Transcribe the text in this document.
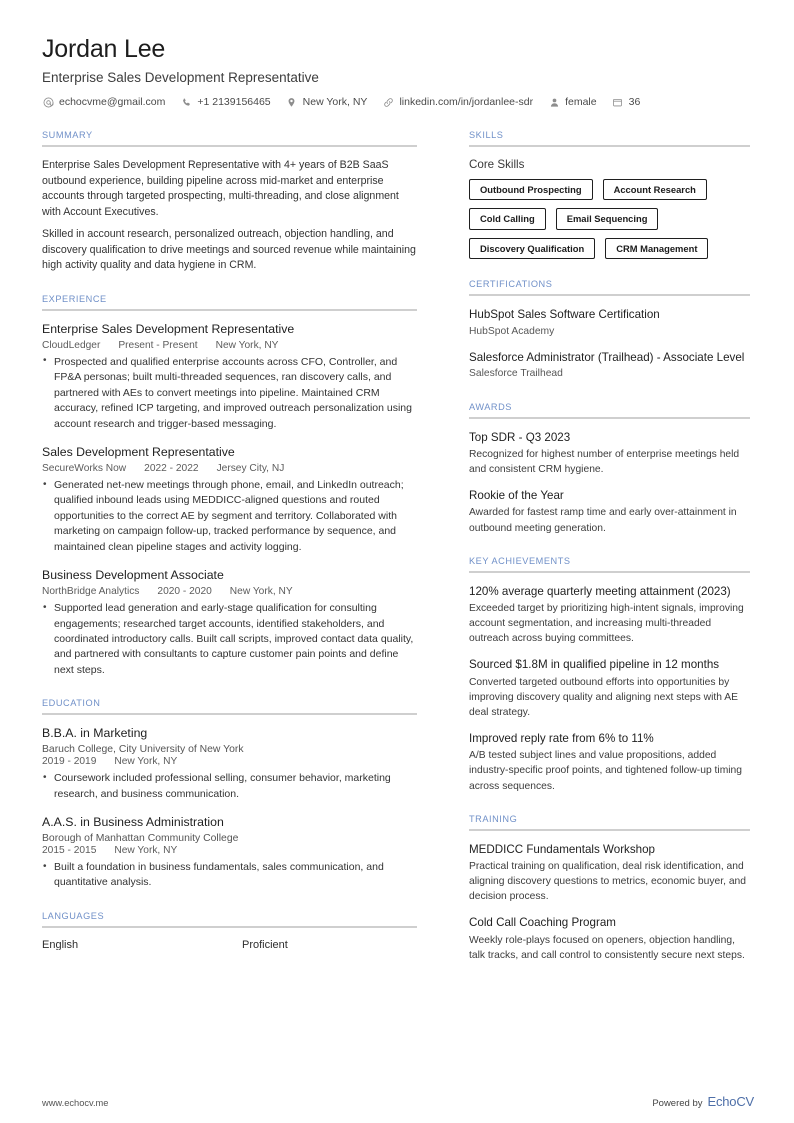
Jordan Lee
Enterprise Sales Development Representative
echocvme@gmail.com	+1 2139156465	New York, NY	linkedin.com/in/jordanlee-sdr	female	36
SUMMARY

Enterprise Sales Development Representative with 4+ years of B2B SaaS outbound experience, building pipeline across mid-market and enterprise accounts through targeted prospecting, multi-threading, and close alignment with Account Executives.

Skilled in account research, personalized outreach, objection handling, and discovery qualification to drive meetings and sourced revenue while maintaining high activity quality and data hygiene in CRM.

EXPERIENCE
Enterprise Sales Development Representative
CloudLedger Present - Present New York, NY
• Prospected and qualified enterprise accounts across CFO, Controller, and FP&A personas; built multi-threaded sequences, ran discovery calls, and partnered with AEs to convert meetings into pipeline. Maintained CRM accuracy, refined ICP targeting, and improved outreach personalization using account research and trigger-based messaging.
Sales Development Representative
SecureWorks Now 2022 - 2022 Jersey City, NJ
• Generated net-new meetings through phone, email, and LinkedIn outreach; qualified inbound leads using MEDDICC-aligned questions and routed opportunities to the correct AE by segment and territory. Collaborated with marketing on campaign follow-up, tracked performance by sequence, and maintained clean pipeline stages and activity logging.
Business Development Associate
NorthBridge Analytics 2020 - 2020 New York, NY
• Supported lead generation and early-stage qualification for consulting engagements; researched target accounts, identified stakeholders, and coordinated introductory calls. Built call scripts, improved contact data quality, and partnered with consultants to capture customer pain points and define next steps.
EDUCATION
B.B.A. in Marketing
Baruch College, City University of New York
2019 - 2019 New York, NY
• Coursework included professional selling, consumer behavior, marketing research, and business communication.
A.A.S. in Business Administration
Borough of Manhattan Community College
2015 - 2015 New York, NY
• Built a foundation in business fundamentals, sales communication, and quantitative analysis.
LANGUAGES
English	Proficient
SKILLS
Core Skills
Outbound Prospecting	Account Research
Cold Calling	Email Sequencing
Discovery Qualification	CRM Management
CERTIFICATIONS
HubSpot Sales Software Certification
HubSpot Academy
Salesforce Administrator (Trailhead) - Associate Level
Salesforce Trailhead
AWARDS
Top SDR - Q3 2023
Recognized for highest number of enterprise meetings held and consistent CRM hygiene.
Rookie of the Year
Awarded for fastest ramp time and early over-attainment in outbound meeting generation.
KEY ACHIEVEMENTS
120% average quarterly meeting attainment (2023)
Exceeded target by prioritizing high-intent signals, improving account segmentation, and increasing multi-threaded outreach across buying committees.
Sourced $1.8M in qualified pipeline in 12 months
Converted targeted outbound efforts into opportunities by improving discovery quality and aligning next steps with AE deal strategy.
Improved reply rate from 6% to 11%
A/B tested subject lines and value propositions, added industry-specific proof points, and tightened follow-up timing across sequences.
TRAINING
MEDDICC Fundamentals Workshop
Practical training on qualification, deal risk identification, and aligning discovery questions to metrics, economic buyer, and decision process.
Cold Call Coaching Program
Weekly role-plays focused on openers, objection handling, talk tracks, and call control to consistently secure next steps.
www.echocv.me	Powered by EchoCV
